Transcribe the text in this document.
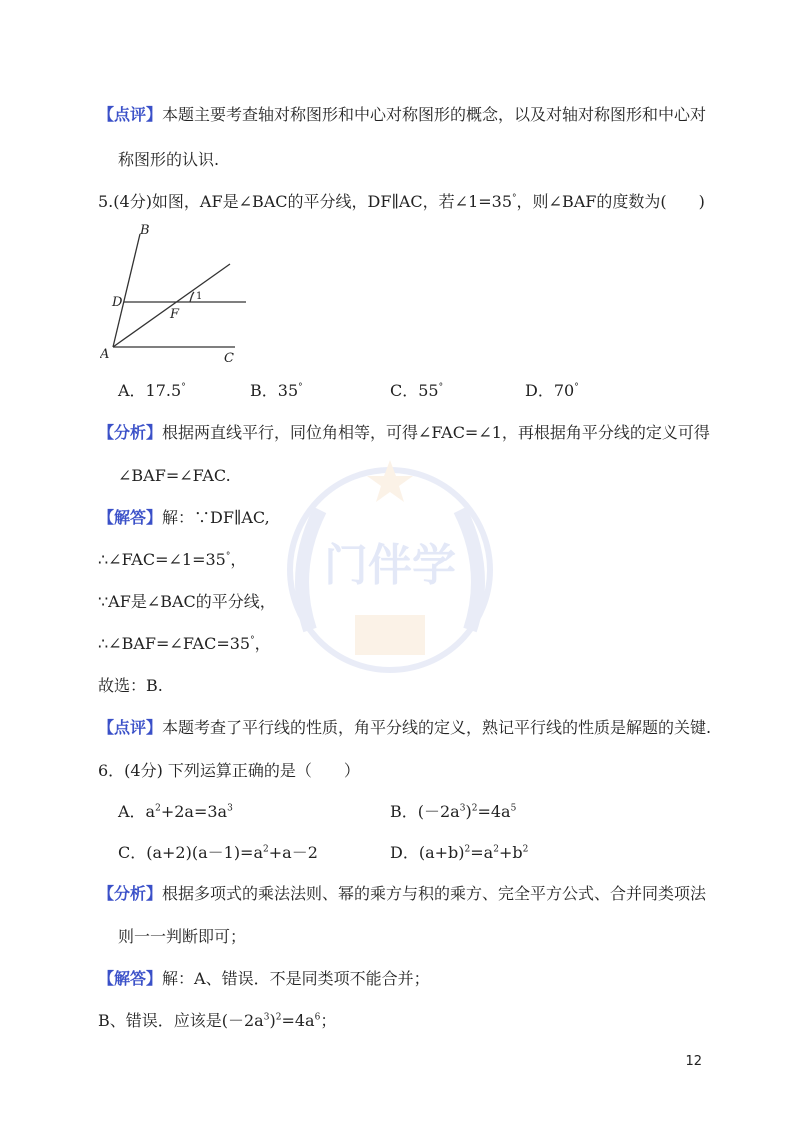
门伴学
【点评】本题主要考查轴对称图形和中心对称图形的概念，以及对轴对称图形和中心对
称图形的认识.
5.(4分)如图，AF是∠BAC的平分线，DF∥AC，若∠1=35°，则∠BAF的度数为(　　)
B
D
F
A	C
1
A．17.5°	B．35°	C．55°	D．70°
【分析】根据两直线平行，同位角相等，可得∠FAC=∠1，再根据角平分线的定义可得
∠BAF=∠FAC.
【解答】解：∵DF∥AC,
∴∠FAC=∠1=35°，
∵AF是∠BAC的平分线，
∴∠BAF=∠FAC=35°，
故选：B.
【点评】本题考查了平行线的性质，角平分线的定义，熟记平行线的性质是解题的关键.
6．(4分) 下列运算正确的是（　　）
A．$a^2+2a=3a^3$	B．$(-2a^3)^2=4a^5$
C．$(a+2)(a-1)=a^2+a-2$	D．$(a+b)^2=a^2+b^2$
【分析】根据多项式的乘法法则、幂的乘方与积的乘方、完全平方公式、合并同类项法
则一一判断即可；
【解答】解：A、错误．不是同类项不能合并；
B、错误．应该是$(-2a^3)^2=4a^6$；
12
